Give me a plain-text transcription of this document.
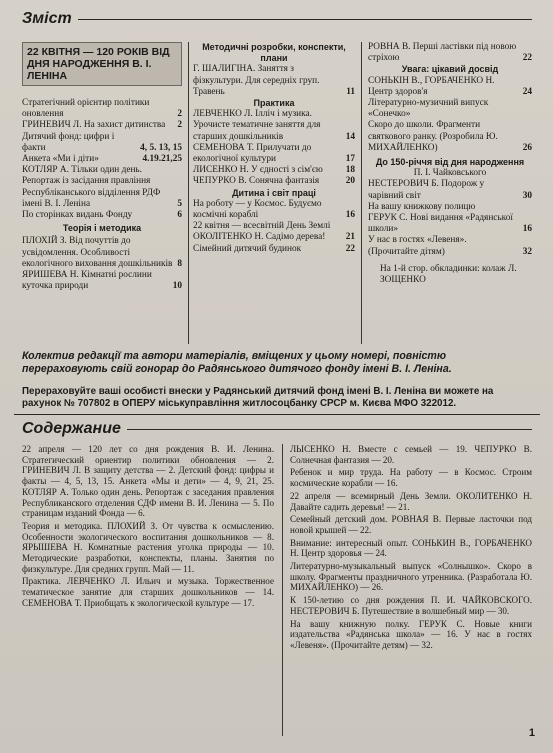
Зміст
22 КВІТНЯ — 120 РОКІВ ВІД ДНЯ НАРОДЖЕННЯ В. І. ЛЕНІНА
Стратегічний орієнтир політики оновлення	2
ГРИНЕВИЧ Л. На захист дитинства	2
Дитячий фонд: цифри і факти	4, 5. 13, 15
Анкета «Ми і діти»	4.19.21,25
КОТЛЯР А. Тільки один день. Репортаж із засідання правління Республіканського відділення РДФ імені В. І. Леніна	5
По сторінках видань Фонду	6
Теорія і методика
ПЛОХІЙ З. Від почуттів до усвідомлення. Особливості екологічного виховання дошкільників 8
ЯРИШЕВА Н. Кімнатні рослини куточка природи	10
Методичні розробки, конспекти, плани
Г. ШАЛИГІНА. Заняття з фізкультури. Для середніх груп. Травень	11
Практика
ЛЕВЧЕНКО Л. Ілліч і музика. Урочисте тематичне заняття для старших дошкільників	14
СЕМЕНОВА Т. Прилучати до екологічної культури	17
ЛИСЕНКО Н. У єдності з сім'єю	18
ЧЕПУРКО В. Сонячна фантазія	20
Дитина і світ праці
На роботу — у Космос. Будуємо космічні кораблі	16
22 квітня — всесвітній День Землі
ОКОЛІТЕНКО Н. Садімо дерева!	21
Сімейний дитячий будинок	22
РОВНА В. Перші ластівки під новою стріхою	22
Увага: цікавий досвід
СОНЬКІН В., ГОРБАЧЕНКО Н. Центр здоров'я	24
Літературно-музичний випуск «Сонечко»
Скоро до школи. Фрагменти святкового ранку. (Розробила Ю. МИХАЙЛЕНКО)	26
До 150-річчя від дня народження
П. І. Чайковського
НЕСТЕРОВИЧ Б. Подорож у чарівний світ	30
На вашу книжкову полицю
ГЕРУК С. Нові видання «Радянської школи»	16
У нас в гостях «Левеня». (Прочитайте дітям)	32
На 1-й стор. обкладинки: колаж Л. ЗОЩЕНКО
Колектив редакції та автори матеріалів, вміщених у цьому номері, повністю перераховують свій гонорар до Радянського дитячого фонду імені В. І. Леніна.
Перераховуйте ваші особисті внески у Радянський дитячий фонд імені В. І. Леніна ви можете на рахунок № 707802 в ОПЕРУ міськуправління житлосоцбанку СРСР м. Києва МФО 322012.
Содержание

22 апреля — 120 лет со дня рождения В. И. Ленина. Стратегический ориентир политики обновления — 2. ГРИНЕВИЧ Л. В защиту детства — 2. Детский фонд: цифры и факты — 4, 5, 13, 15. Анкета «Мы и дети» — 4, 9, 21, 25. КОТЛЯР А. Только один день. Репортаж с заседания правления Республиканского отделения СДФ имени В. И. Ленина — 5. По страницам изданий Фонда — 6.

Теория и методика. ПЛОХИЙ З. От чувства к осмыслению. Особенности экологического воспитания дошкольников — 8. ЯРЫШЕВА Н. Комнатные растения уголка природы — 10. Методические разработки, конспекты, планы. Занятия по физкультуре. Для средних групп. Май — 11.

Практика. ЛЕВЧЕНКО Л. Ильич и музыка. Торжественное тематическое занятие для старших дошкольников — 14. СЕМЕНОВА Т. Приобщать к экологической культуре — 17.

ЛЫСЕНКО Н. Вместе с семьей — 19. ЧЕПУРКО В. Солнечная фантазия — 20.

Ребенок и мир труда. На работу — в Космос. Строим космические корабли — 16.

22 апреля — всемирный День Земли. ОКОЛИТЕНКО Н. Давайте садить деревья! — 21.

Семейный детский дом. РОВНАЯ В. Первые ласточки под новой крышей — 22.

Внимание: интересный опыт. СОНЬКИН В., ГОРБАЧЕНКО Н. Центр здоровья — 24.

Литературно-музыкальный выпуск «Солнышко». Скоро в школу. Фрагменты праздничного утренника. (Разработала Ю. МИХАЙЛЕНКО) — 26.

К 150-летию со дня рождения П. И. ЧАЙКОВСКОГО. НЕСТЕРОВИЧ Б. Путешествие в волшебный мир — 30.

На вашу книжную полку. ГЕРУК С. Новые книги издательства «Радянська школа» — 16. У нас в гостях «Левеня». (Прочитайте детям) — 32.

1
